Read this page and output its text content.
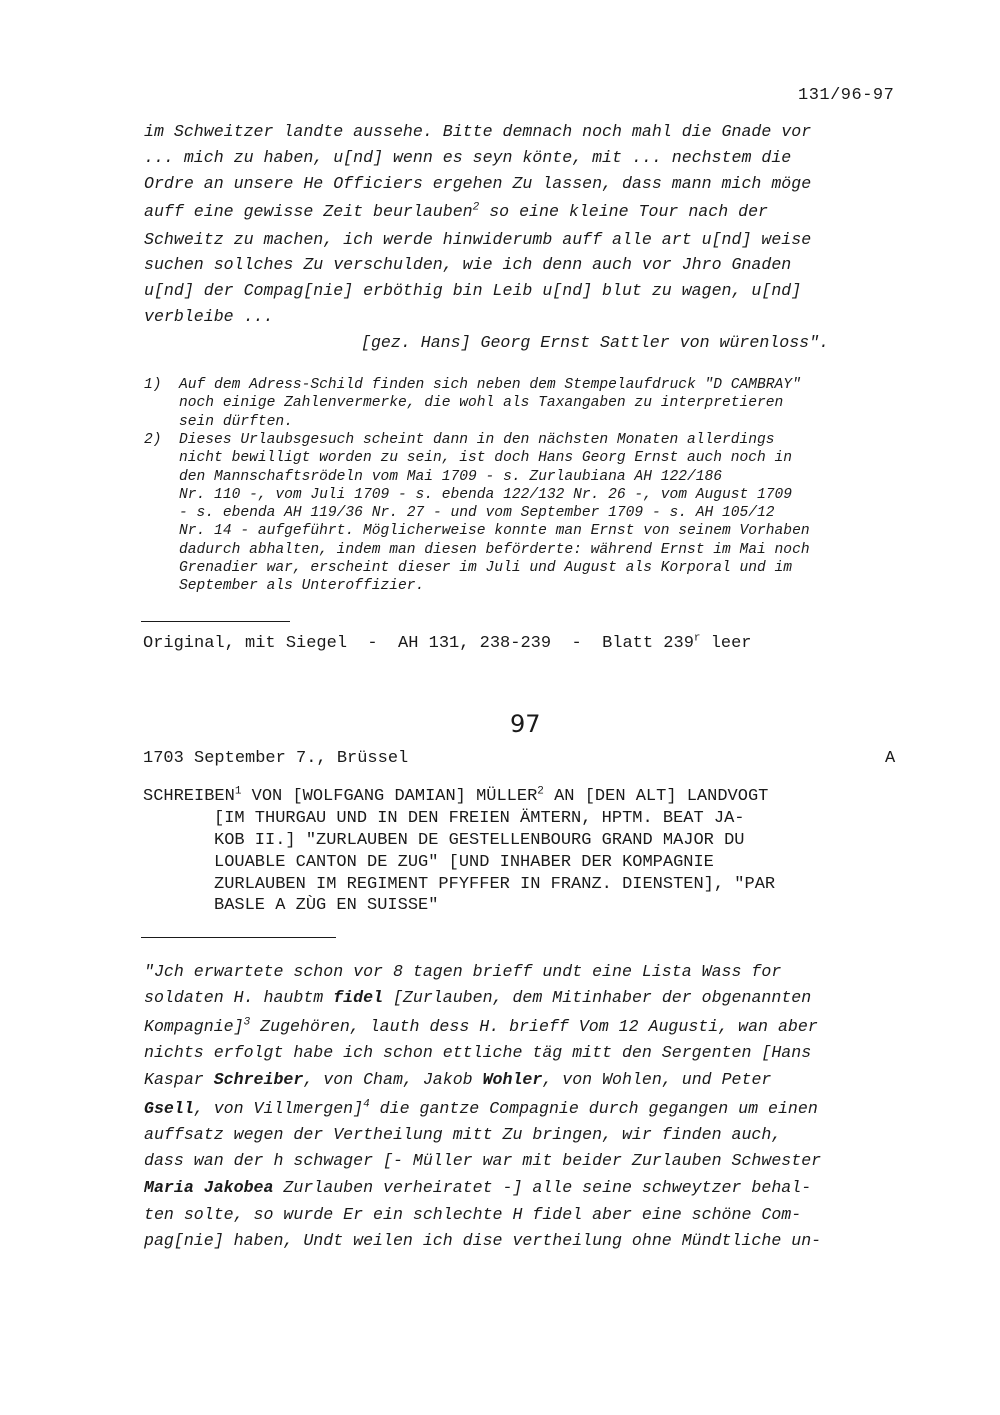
131/96-97

im Schweitzer landte aussehe. Bitte demnach noch mahl die Gnade vor

... mich zu haben, u[nd] wenn es seyn könte, mit ... nechstem die

Ordre an unsere He Officiers ergehen Zu lassen, dass mann mich möge

auff eine gewisse Zeit beurlauben$^2$ so eine kleine Tour nach der

Schweitz zu machen, ich werde hinwiderumb auff alle art u[nd] weise

suchen sollches Zu verschulden, wie ich denn auch vor Jhro Gnaden

u[nd] der Compag[nie] erböthig bin Leib u[nd] blut zu wagen, u[nd]

verbleibe ...

[gez. Hans] Georg Ernst Sattler von würenloss".

1)  Auf dem Adress-Schild finden sich neben dem Stempelaufdruck "D CAMBRAY"

noch einige Zahlenvermerke, die wohl als Taxangaben zu interpretieren

sein dürften.

2)  Dieses Urlaubsgesuch scheint dann in den nächsten Monaten allerdings

nicht bewilligt worden zu sein, ist doch Hans Georg Ernst auch noch in

den Mannschaftsrödeln vom Mai 1709 - s. Zurlaubiana AH 122/186

Nr. 110 -, vom Juli 1709 - s. ebenda 122/132 Nr. 26 -, vom August 1709

- s. ebenda AH 119/36 Nr. 27 - und vom September 1709 - s. AH 105/12

Nr. 14 - aufgeführt. Möglicherweise konnte man Ernst von seinem Vorhaben

dadurch abhalten, indem man diesen beförderte: während Ernst im Mai noch

Grenadier war, erscheint dieser im Juli und August als Korporal und im

September als Unteroffizier.

Original, mit Siegel  -  AH 131, 238-239  -  Blatt 239$^r$ leer
97
1703 September 7., Brüssel	A

SCHREIBEN$^1$ VON [WOLFGANG DAMIAN] MÜLLER$^2$ AN [DEN ALT] LANDVOGT

[IM THURGAU UND IN DEN FREIEN ÄMTERN, HPTM. BEAT JA-

KOB II.] "ZURLAUBEN DE GESTELLENBOURG GRAND MAJOR DU

LOUABLE CANTON DE ZUG" [UND INHABER DER KOMPAGNIE

ZURLAUBEN IM REGIMENT PFYFFER IN FRANZ. DIENSTEN], "PAR

BASLE A ZÙG EN SUISSE"

"Jch erwartete schon vor 8 tagen brieff undt eine Lista Wass for

soldaten H. haubtm fidel [Zurlauben, dem Mitinhaber der obgenannten

Kompagnie]$^3$ Zugehören, lauth dess H. brieff Vom 12 Augusti, wan aber

nichts erfolgt habe ich schon ettliche täg mitt den Sergenten [Hans

Kaspar Schreiber, von Cham, Jakob Wohler, von Wohlen, und Peter

Gsell, von Villmergen]$^4$ die gantze Compagnie durch gegangen um einen

auffsatz wegen der Vertheilung mitt Zu bringen, wir finden auch,

dass wan der h schwager [- Müller war mit beider Zurlauben Schwester

Maria Jakobea Zurlauben verheiratet -] alle seine schweytzer behal-

ten solte, so wurde Er ein schlechte H fidel aber eine schöne Com-

pag[nie] haben, Undt weilen ich dise vertheilung ohne Mündtliche un-
